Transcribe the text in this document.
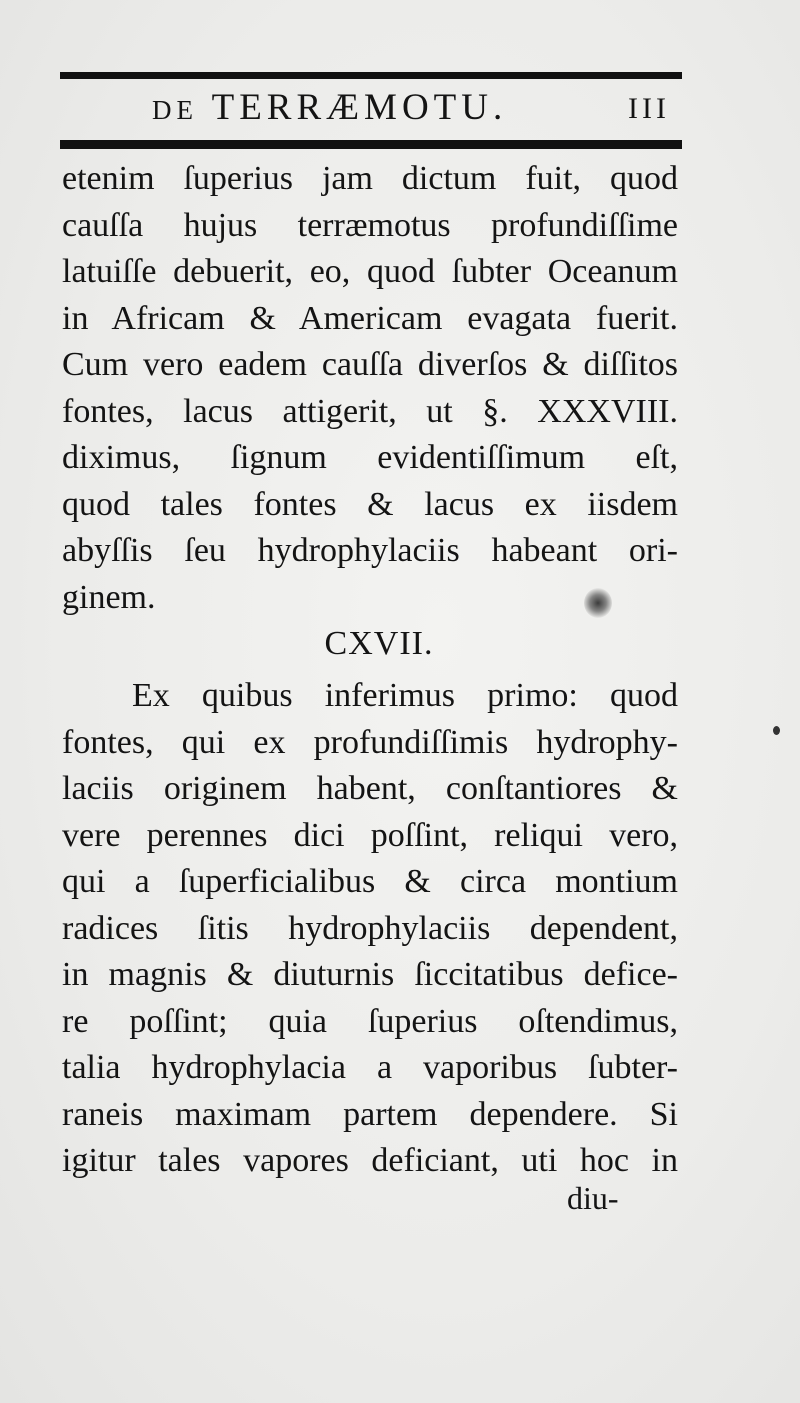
DE TERRÆMOTU.	III
etenim ſuperius jam dictum fuit, quod
cauſſa hujus terræmotus profundiſſime
latuiſſe debuerit, eo, quod ſubter Oceanum
in Africam & Americam evagata fuerit.
Cum vero eadem cauſſa diverſos & diſſitos
fontes, lacus attigerit, ut §. XXXVIII.
diximus, ſignum evidentiſſimum eſt,
quod tales fontes & lacus ex iisdem
abyſſis ſeu hydrophylaciis habeant ori-
ginem.
CXVII.
Ex quibus inferimus primo: quod
fontes, qui ex profundiſſimis hydrophy-
laciis originem habent, conſtantiores &
vere perennes dici poſſint, reliqui vero,
qui a ſuperficialibus & circa montium
radices ſitis hydrophylaciis dependent,
in magnis & diuturnis ſiccitatibus defice-
re poſſint; quia ſuperius oſtendimus,
talia hydrophylacia a vaporibus ſubter-
raneis maximam partem dependere. Si
igitur tales vapores deficiant, uti hoc in
diu-
